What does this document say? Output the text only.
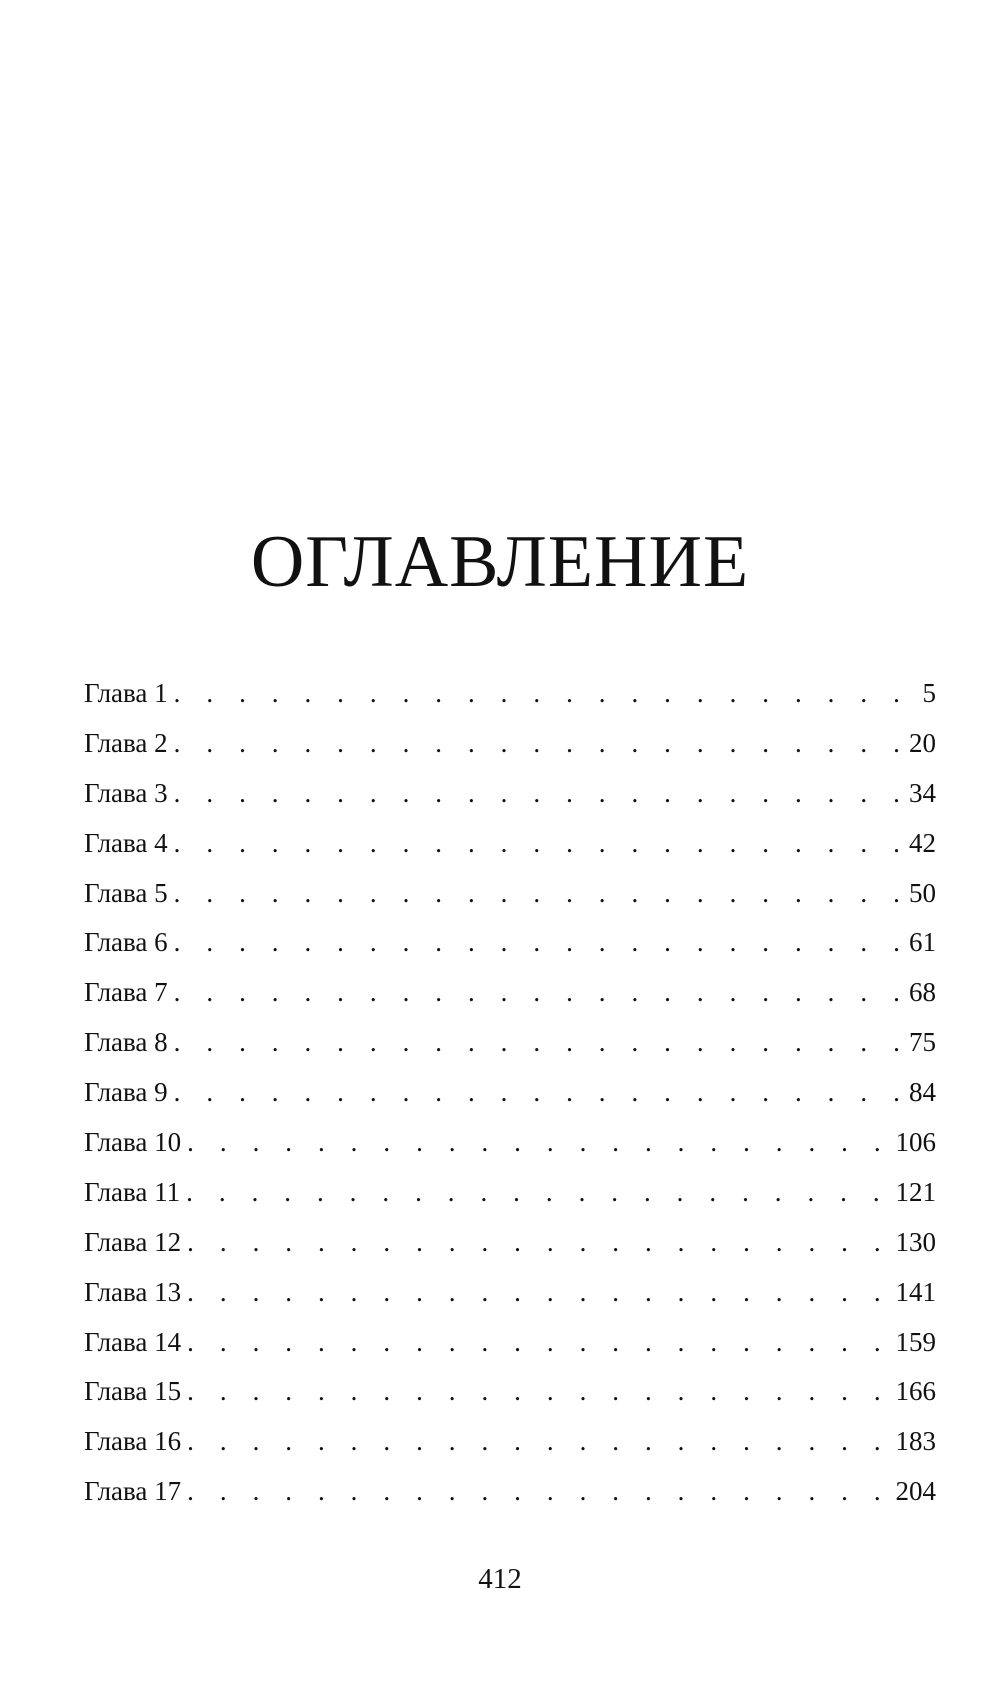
ОГЛАВЛЕНИЕ
Глава 1 . . .	5
Глава 2 . . .	20
Глава 3 . . .	34
Глава 4 . . .	42
Глава 5 . . .	50
Глава 6 . . .	61
Глава 7 . . .	68
Глава 8 . . .	75
Глава 9 . . .	84
Глава 10 . . .	106
Глава 11 . . .	121
Глава 12 . . .	130
Глава 13 . . .	141
Глава 14 . . .	159
Глава 15 . . .	166
Глава 16 . . .	183
Глава 17 . . .	204
412
